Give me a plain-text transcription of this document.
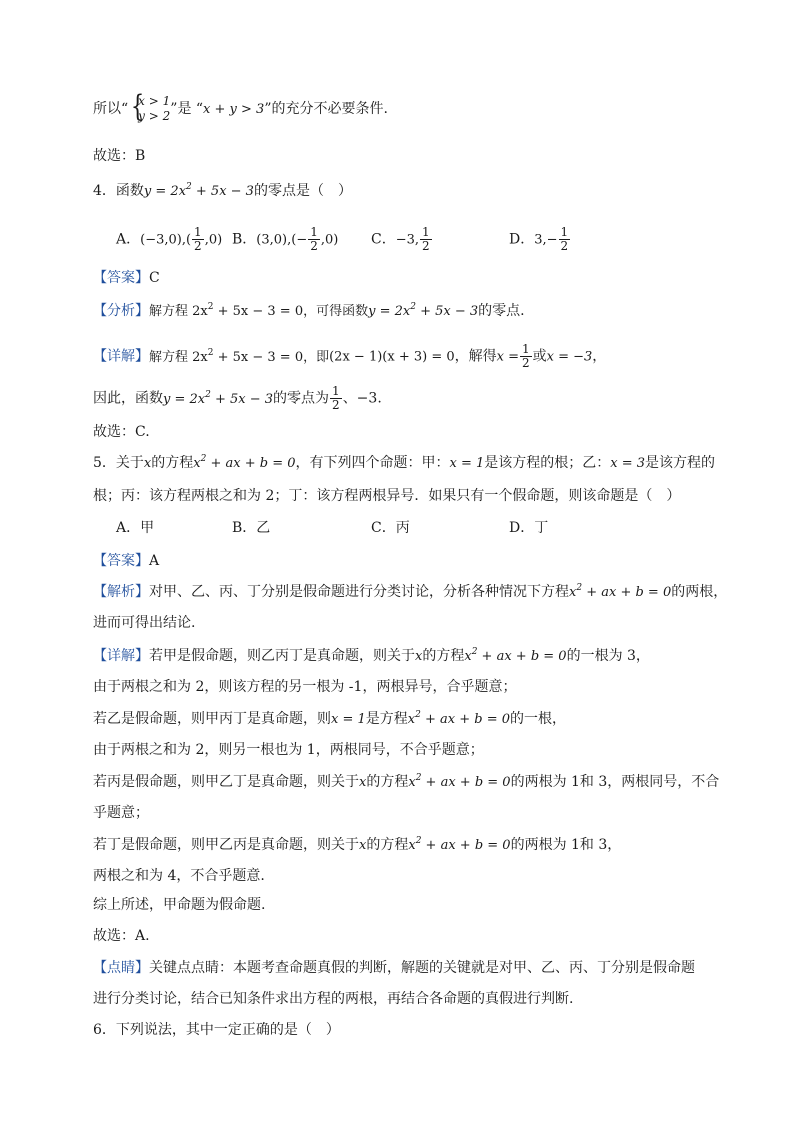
所以“ {
x > 1
y > 2 ”是 “x + y > 3”的充分不必要条件.
故选：B
4．函数$y = 2x^2 + 5x - 3$的零点是（　）
A．$(-3,0),( \frac{1}{2} ,0)$ B．$(3,0),(- \frac{1}{2} ,0)$ C．−3, $\frac{1}{2}$	D．$3,- \frac{1}{2}$
【答案】C
【分析】解方程 $2x^2 + 5x - 3 = 0$，可得函数$y = 2x^2 + 5x - 3$的零点.
【详解】解方程 $2x^2 + 5x - 3 = 0$，即(2x − 1)(x + 3) = 0，解得$x = \frac{1}{2}$ 或x = −3，
因此，函数$y = 2x^2 + 5x - 3$的零点为 $\frac{1}{2}$ 、−3.
故选：C.
5．关于x的方程$x^2$ + ax + b = 0，有下列四个命题：甲：x = 1是该方程的根；乙：x = 3是该方程的
根；丙：该方程两根之和为 2；丁：该方程两根异号．如果只有一个假命题，则该命题是（　）
A．甲	B．乙	C．丙	D．丁
【答案】A
【解析】对甲、乙、丙、丁分别是假命题进行分类讨论，分析各种情况下方程$x^2$ + ax + b = 0的两根，
进而可得出结论.
【详解】若甲是假命题，则乙丙丁是真命题，则关于x的方程$x^2$ + ax + b = 0的一根为 3，
由于两根之和为 2，则该方程的另一根为 -1，两根异号，合乎题意；
若乙是假命题，则甲丙丁是真命题，则x = 1是方程$x^2$ + ax + b = 0的一根，
由于两根之和为 2，则另一根也为 1，两根同号，不合乎题意；
若丙是假命题，则甲乙丁是真命题，则关于x的方程$x^2$ + ax + b = 0的两根为 1和 3，两根同号，不合
乎题意；
若丁是假命题，则甲乙丙是真命题，则关于x的方程$x^2$ + ax + b = 0的两根为 1和 3，
两根之和为 4，不合乎题意.
综上所述，甲命题为假命题.
故选：A.
【点睛】关键点点睛：本题考查命题真假的判断，解题的关键就是对甲、乙、丙、丁分别是假命题
进行分类讨论，结合已知条件求出方程的两根，再结合各命题的真假进行判断.
6．下列说法，其中一定正确的是（　）
